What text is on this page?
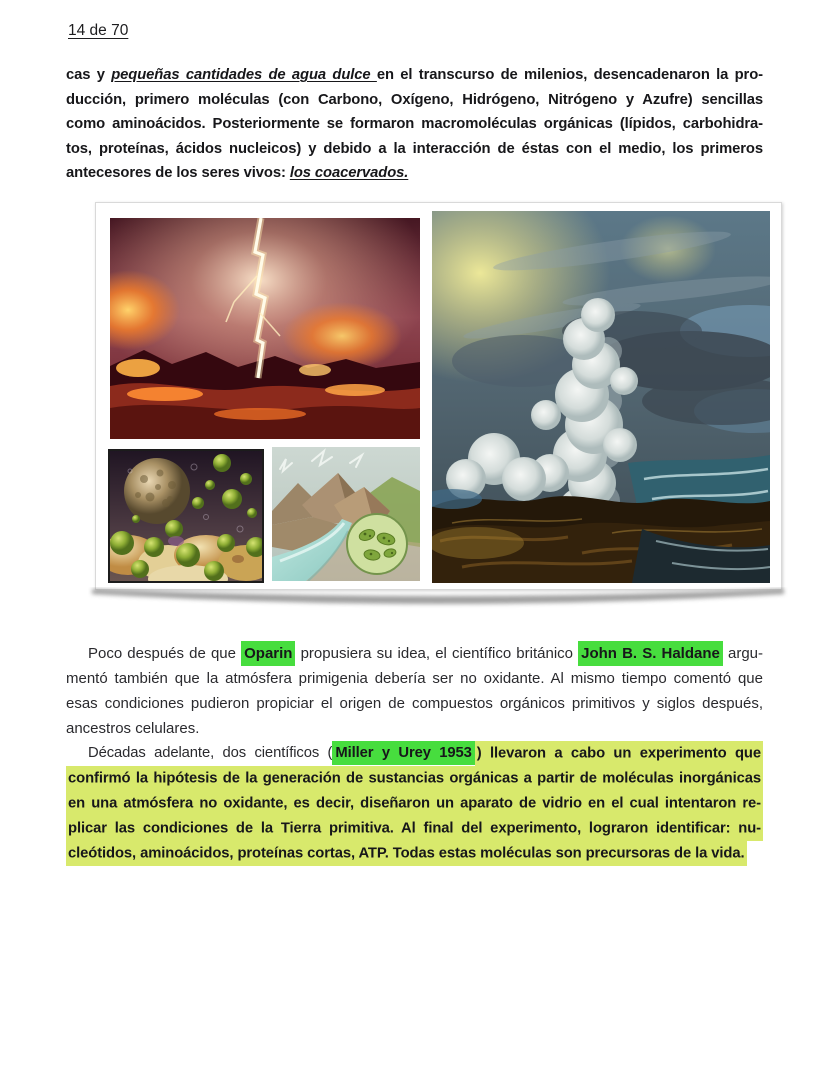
14 de 70
cas y pequeñas cantidades de agua dulce en el transcurso de milenios, desencadenaron la pro-
ducción, primero moléculas (con Carbono, Oxígeno, Hidrógeno, Nitrógeno y Azufre) sencillas
como aminoácidos. Posteriormente se formaron macromoléculas orgánicas (lípidos, carbohidra-
tos, proteínas, ácidos nucleicos) y debido a la interacción de éstas con el medio, los primeros
antecesores de los seres vivos: los coacervados.
Poco después de que Oparin propusiera su idea, el científico británico John B. S. Haldane argu-
mentó también que la atmósfera primigenia debería ser no oxidante. Al mismo tiempo comentó que
esas condiciones pudieron propiciar el origen de compuestos orgánicos primitivos y siglos después,
ancestros celulares.
Décadas adelante, dos científicos ( Miller y Urey 1953 ) llevaron a cabo un experimento que
confirmó la hipótesis de la generación de sustancias orgánicas a partir de moléculas inorgánicas
en una atmósfera no oxidante, es decir, diseñaron un aparato de vidrio en el cual intentaron re-
plicar las condiciones de la Tierra primitiva. Al final del experimento, lograron identificar: nu-
cleótidos, aminoácidos, proteínas cortas, ATP. Todas estas moléculas son precursoras de la vida.
